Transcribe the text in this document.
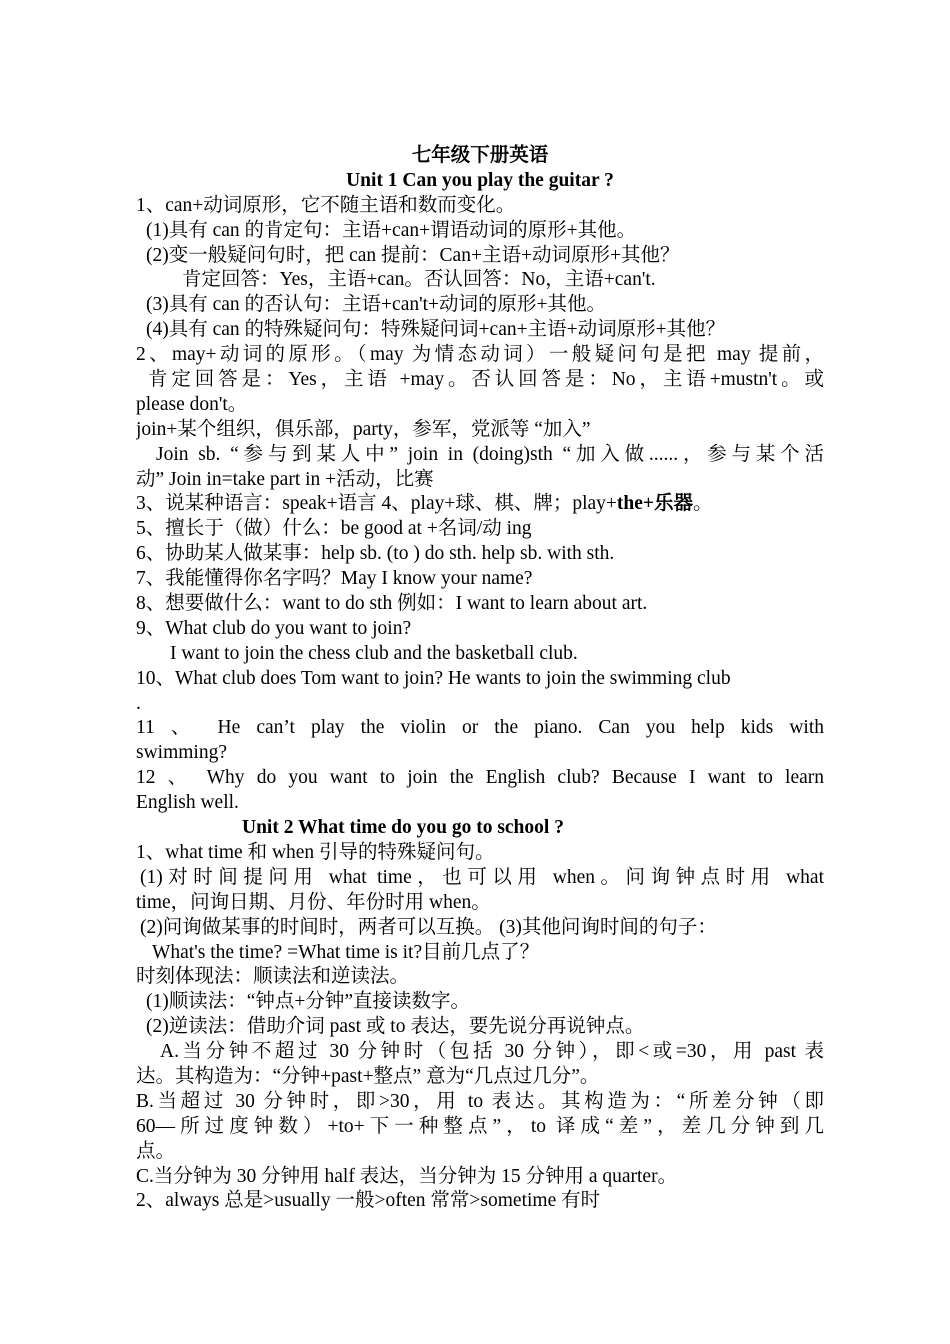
七年级下册英语
Unit 1 Can you play the guitar ?
1、can+动词原形，它不随主语和数而变化。
(1)具有 can 的肯定句：主语+can+谓语动词的原形+其他。
(2)变一般疑问句时，把 can 提前：Can+主语+动词原形+其他？
肯定回答：Yes，主语+can。否认回答：No，主语+can't.
(3)具有 can 的否认句：主语+can't+动词的原形+其他。
(4)具有 can 的特殊疑问句：特殊疑问词+can+主语+动词原形+其他？
2、may+动词的原形。（may 为情态动词）一般疑问句是把 may 提前，
肯定回答是：Yes，主语 +may。否认回答是：No，主语+mustn't。或
please don't。
join+某个组织，俱乐部，party，参军，党派等 “加入”
Join sb. “参与到某人中” join in (doing)sth “加入做......，参与某个活
动” Join in=take part in +活动，比赛
3、说某种语言：speak+语言 4、play+球、棋、牌；play+the+乐器。
5、擅长于（做）什么：be good at +名词/动 ing
6、协助某人做某事：help sb. (to ) do sth. help sb. with sth.
7、我能懂得你名字吗？May I know your name?
8、想要做什么：want to do sth 例如：I want to learn about art.
9、What club do you want to join?
I want to join the chess club and the basketball club.
10、What club does Tom want to join? He wants to join the swimming club
.
11 、 He can’t play the violin or the piano. Can you help kids with
swimming?
12 、 Why do you want to join the English club? Because I want to learn
English well.
Unit 2 What time do you go to school ?
1、what time 和 when 引导的特殊疑问句。
(1)对时间提问用 what time，也可以用 when。问询钟点时用 what
time，问询日期、月份、年份时用 when。
(2)问询做某事的时间时，两者可以互换。 (3)其他问询时间的句子：
What's the time? =What time is it?目前几点了？
时刻体现法：顺读法和逆读法。
(1)顺读法：“钟点+分钟”直接读数字。
(2)逆读法：借助介词 past 或 to 表达，要先说分再说钟点。
A.当分钟不超过 30 分钟时（包括 30 分钟），即<或=30，用 past 表
达。其构造为：“分钟+past+整点” 意为“几点过几分”。
B.当超过 30 分钟时，即>30，用 to 表达。其构造为：“所差分钟（即
60—所过度钟数）+to+下一种整点”，to 译成“差”，差几分钟到几
点。
C.当分钟为 30 分钟用 half 表达，当分钟为 15 分钟用 a quarter。
2、always 总是>usually 一般>often 常常>sometime 有时
